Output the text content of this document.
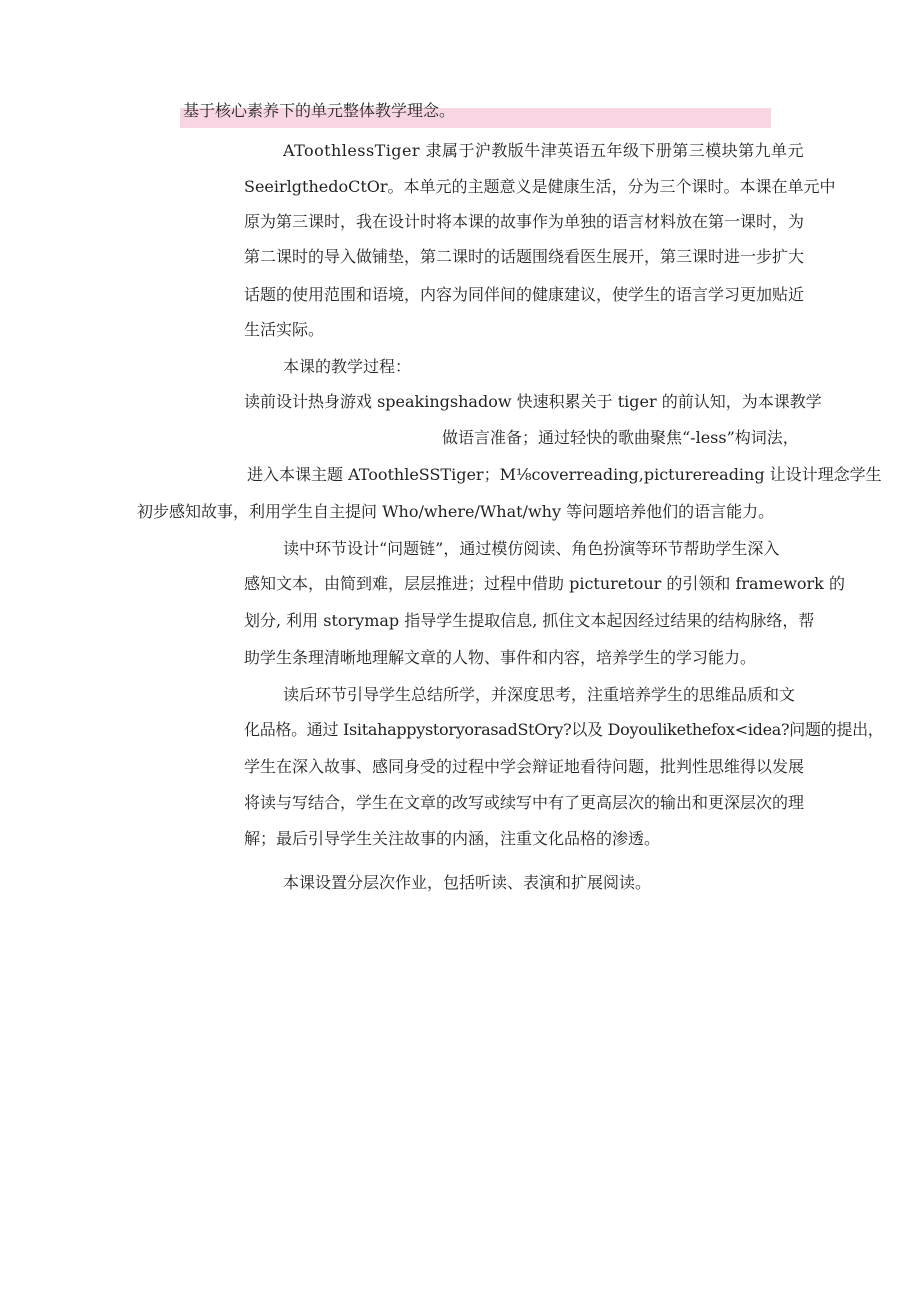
基于核心素养下的单元整体教学理念。
AToothlessTiger 隶属于沪教版牛津英语五年级下册第三模块第九单元
SeeirlgthedoCtOr。本单元的主题意义是健康生活，分为三个课时。本课在单元中
原为第三课时，我在设计时将本课的故事作为单独的语言材料放在第一课时，为
第二课时的导入做铺垫，第二课时的话题围绕看医生展开，第三课时进一步扩大
话题的使用范围和语境，内容为同伴间的健康建议，使学生的语言学习更加贴近
生活实际。
本课的教学过程：
读前设计热身游戏 speakingshadow 快速积累关于 tiger 的前认知，为本课教学
做语言准备；通过轻快的歌曲聚焦“-less”构词法，
进入本课主题 AToothleSSTiger；M⅛coverreading,picturereading 让设计理念学生
初步感知故事，利用学生自主提问 Who∕where∕What/why 等问题培养他们的语言能力。
读中环节设计“问题链”，通过模仿阅读、角色扮演等环节帮助学生深入
感知文本，由简到难，层层推进；过程中借助 picturetour 的引领和 framework 的
划分, 利用 storymap 指导学生提取信息, 抓住文本起因经过结果的结构脉络，帮
助学生条理清晰地理解文章的人物、事件和内容，培养学生的学习能力。
读后环节引导学生总结所学，并深度思考，注重培养学生的思维品质和文
化品格。通过 IsitahappystoryorasadStOry?以及 Doyoulikethefox<idea?问题的提出，
学生在深入故事、感同身受的过程中学会辩证地看待问题，批判性思维得以发展
将读与写结合，学生在文章的改写或续写中有了更高层次的输出和更深层次的理
解；最后引导学生关注故事的内涵，注重文化品格的渗透。
本课设置分层次作业，包括听读、表演和扩展阅读。
